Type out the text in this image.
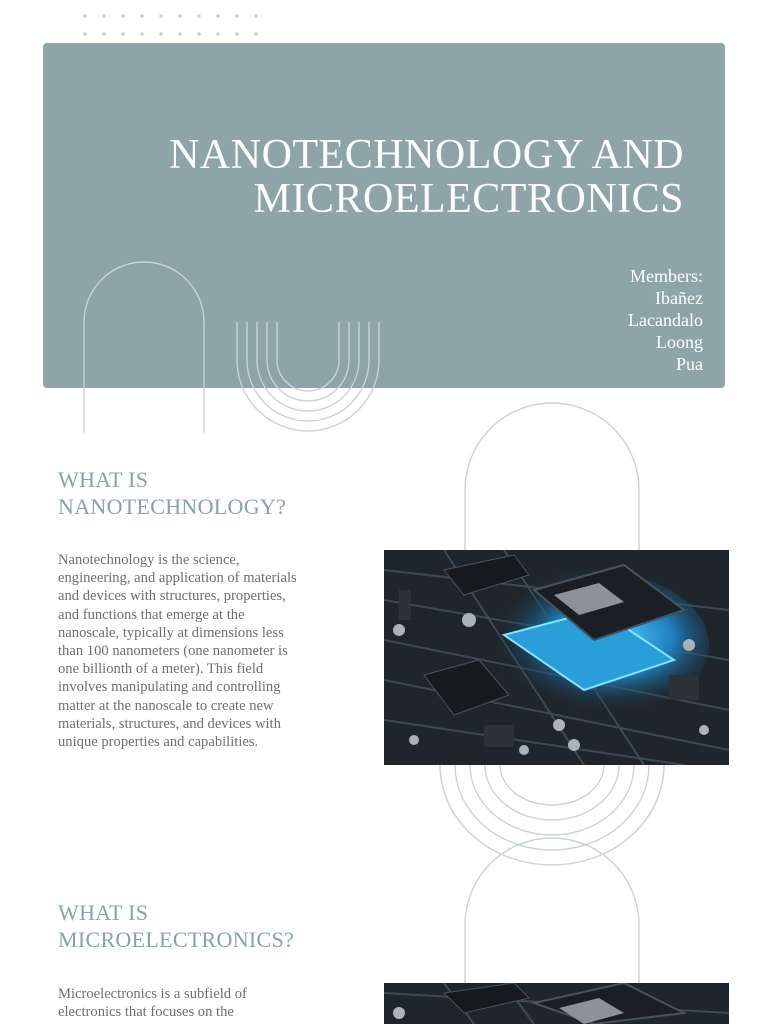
NANOTECHNOLOGY AND
MICROELECTRONICS
Members:
Ibañez
Lacandalo
Loong
Pua
WHAT IS
NANOTECHNOLOGY?
Nanotechnology is the science, engineering, and application of materials and devices with structures, properties, and functions that emerge at the nanoscale, typically at dimensions less than 100 nanometers (one nanometer is one billionth of a meter). This field involves manipulating and controlling matter at the nanoscale to create new materials, structures, and devices with unique properties and capabilities.
WHAT IS
MICROELECTRONICS?
Microelectronics is a subfield of electronics that focuses on the
